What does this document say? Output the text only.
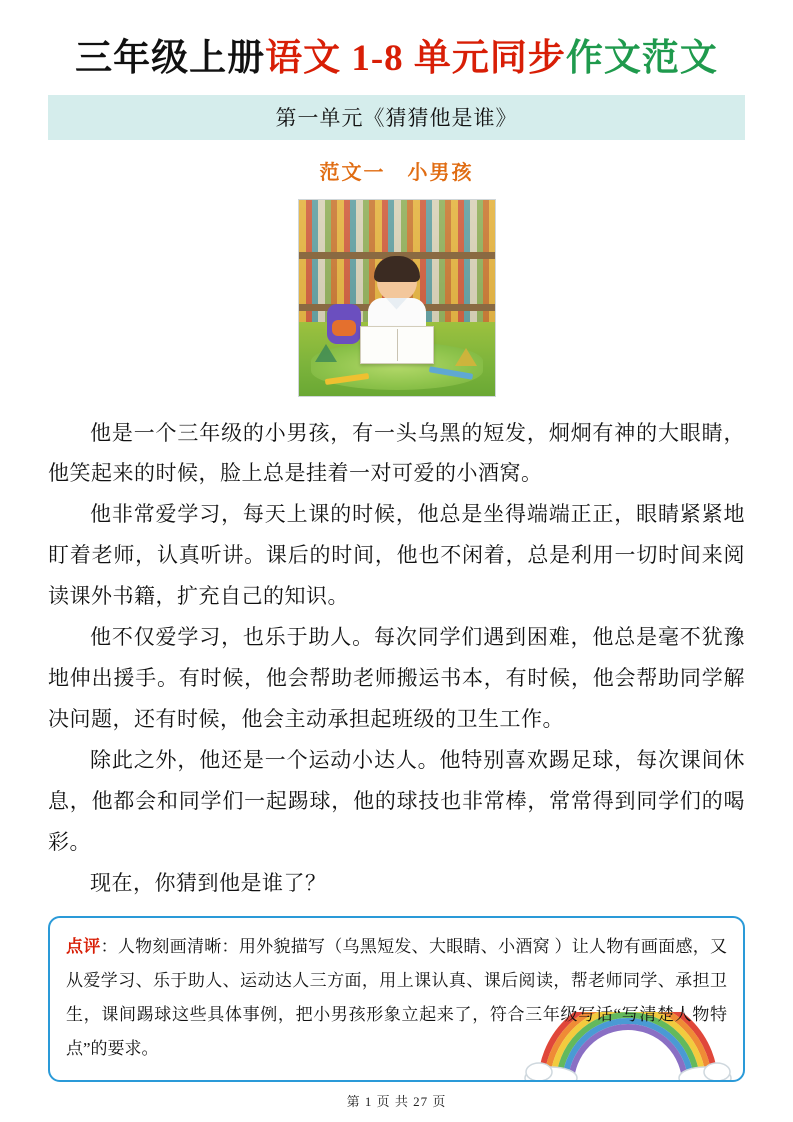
三年级上册语文 1-8 单元同步作文范文
第一单元《猜猜他是谁》
范文一 小男孩

他是一个三年级的小男孩，有一头乌黑的短发，炯炯有神的大眼睛，他笑起来的时候，脸上总是挂着一对可爱的小酒窝。

他非常爱学习，每天上课的时候，他总是坐得端端正正，眼睛紧紧地盯着老师，认真听讲。课后的时间，他也不闲着，总是利用一切时间来阅读课外书籍，扩充自己的知识。

他不仅爱学习，也乐于助人。每次同学们遇到困难，他总是毫不犹豫地伸出援手。有时候，他会帮助老师搬运书本，有时候，他会帮助同学解决问题，还有时候，他会主动承担起班级的卫生工作。

除此之外，他还是一个运动小达人。他特别喜欢踢足球，每次课间休息，他都会和同学们一起踢球，他的球技也非常棒，常常得到同学们的喝彩。

现在，你猜到他是谁了？

点评：人物刻画清晰：用外貌描写（乌黑短发、大眼睛、小酒窝 ）让人物有画面感，又从爱学习、乐于助人、运动达人三方面，用上课认真、课后阅读，帮老师同学、承担卫生，课间踢球这些具体事例，把小男孩形象立起来了，符合三年级写话“写清楚人物特点”的要求。
第 1 页 共 27 页
